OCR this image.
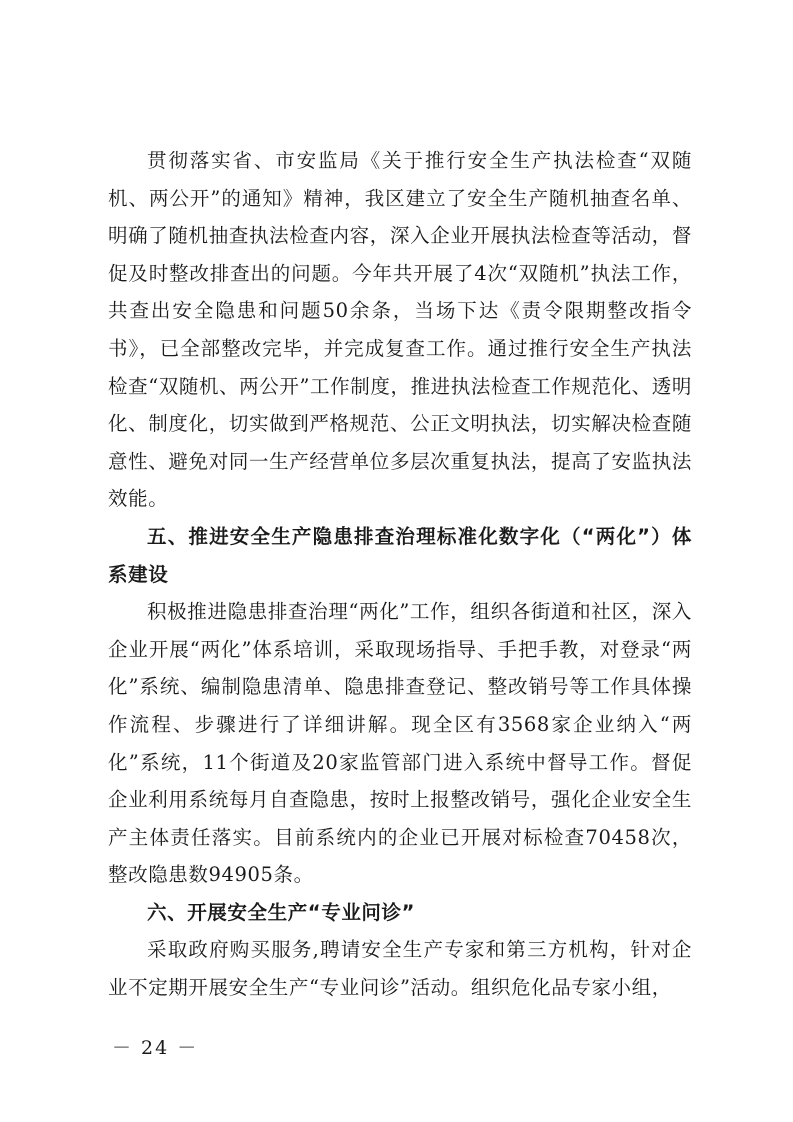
贯彻落实省、市安监局《关于推行安全生产执法检查“双随机、两公开”的通知》精神，我区建立了安全生产随机抽查名单、明确了随机抽查执法检查内容，深入企业开展执法检查等活动，督促及时整改排查出的问题。今年共开展了4次“双随机”执法工作，共查出安全隐患和问题50余条，当场下达《责令限期整改指令书》，已全部整改完毕，并完成复查工作。通过推行安全生产执法检查“双随机、两公开”工作制度，推进执法检查工作规范化、透明化、制度化，切实做到严格规范、公正文明执法，切实解决检查随意性、避免对同一生产经营单位多层次重复执法，提高了安监执法效能。

五、推进安全生产隐患排查治理标准化数字化（“两化”）体系建设

积极推进隐患排查治理“两化”工作，组织各街道和社区，深入企业开展“两化”体系培训，采取现场指导、手把手教，对登录“两化”系统、编制隐患清单、隐患排查登记、整改销号等工作具体操作流程、步骤进行了详细讲解。现全区有3568家企业纳入“两化”系统，11个街道及20家监管部门进入系统中督导工作。督促企业利用系统每月自查隐患，按时上报整改销号，强化企业安全生产主体责任落实。目前系统内的企业已开展对标检查70458次，整改隐患数94905条。

六、开展安全生产“专业问诊”

采取政府购买服务,聘请安全生产专家和第三方机构，针对企业不定期开展安全生产“专业问诊”活动。组织危化品专家小组，

－ 24 －
